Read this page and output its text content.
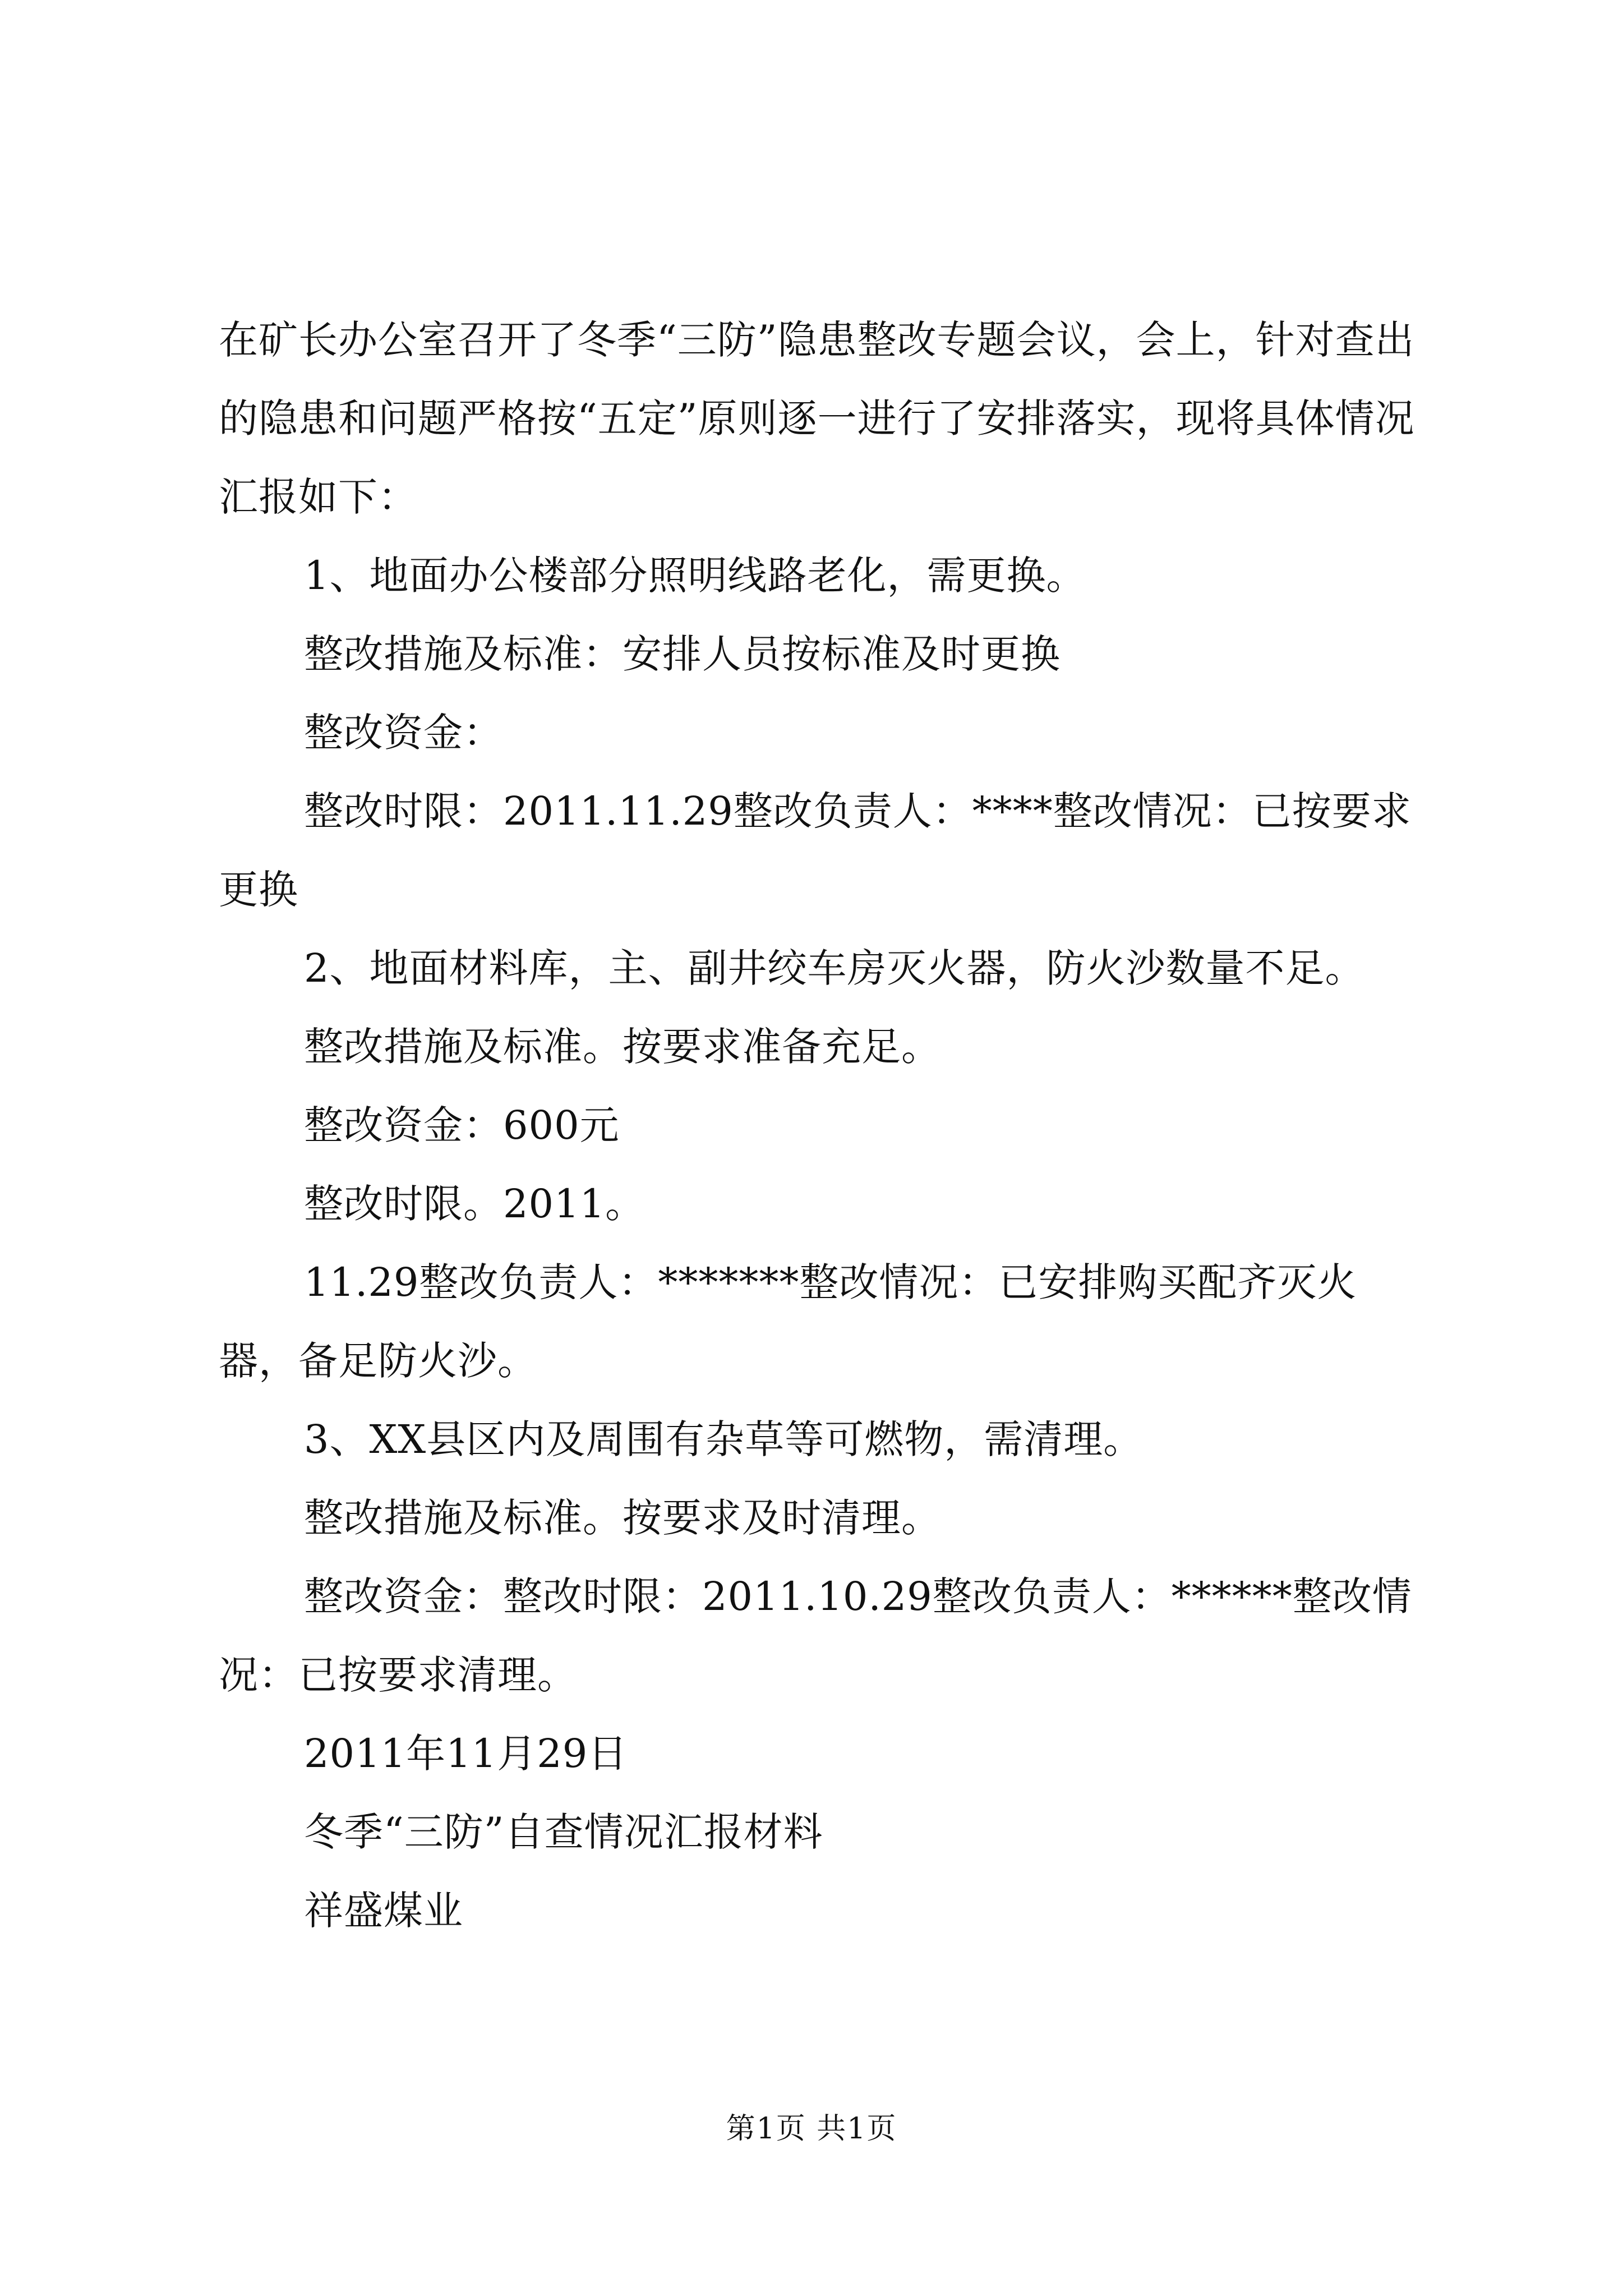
在矿长办公室召开了冬季“三防”隐患整改专题会议，会上，针对查出的隐患和问题严格按“五定”原则逐一进行了安排落实，现将具体情况汇报如下：

1、地面办公楼部分照明线路老化，需更换。

整改措施及标准：安排人员按标准及时更换

整改资金：

整改时限：2011.11.29整改负责人：****整改情况：已按要求更换

2、地面材料库，主、副井绞车房灭火器，防火沙数量不足。

整改措施及标准。按要求准备充足。

整改资金：600元

整改时限。2011。

11.29整改负责人：*******整改情况：已安排购买配齐灭火器，备足防火沙。

3、XX县区内及周围有杂草等可燃物，需清理。

整改措施及标准。按要求及时清理。

整改资金：整改时限：2011.10.29整改负责人：******整改情况：已按要求清理。

2011年11月29日

冬季“三防”自查情况汇报材料

祥盛煤业

第1页 共1页
